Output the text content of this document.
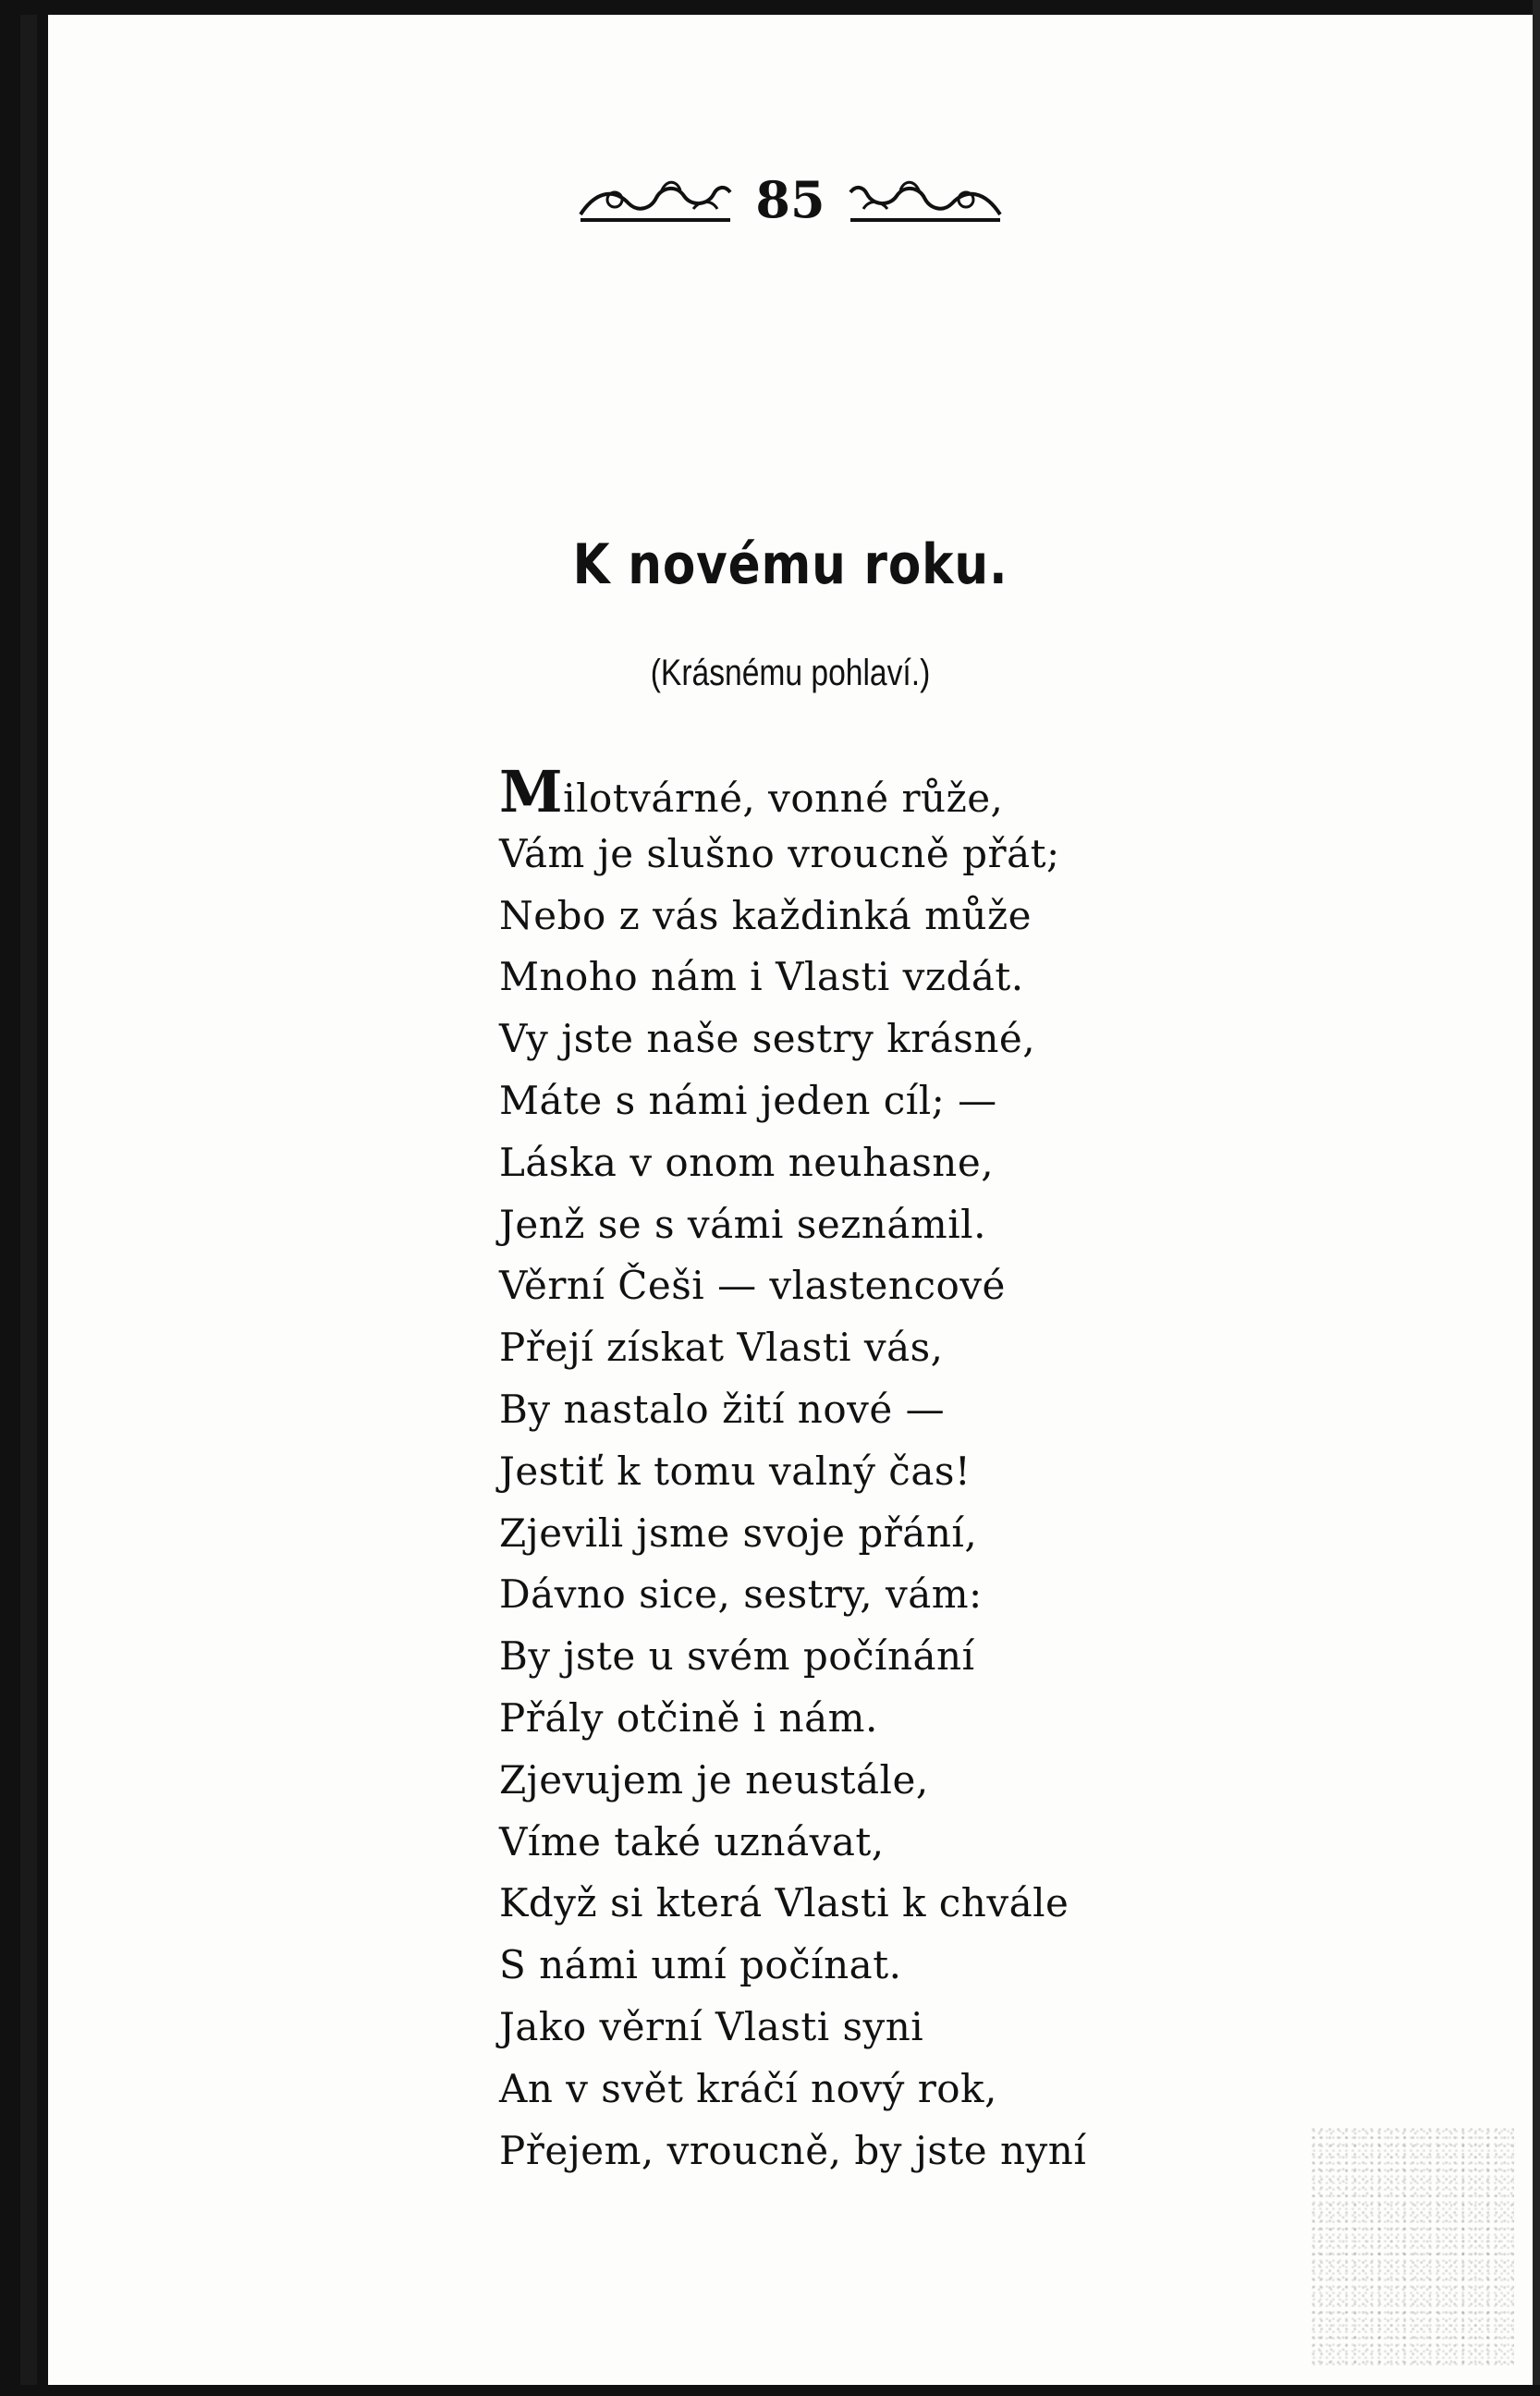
85
K novému roku.
(Krásnému pohlaví.)
Milotvárné, vonné růže,
Vám je slušno vroucně přát;
Nebo z vás každinká může
Mnoho nám i Vlasti vzdát.
Vy jste naše sestry krásné,
Máte s námi jeden cíl; —
Láska v onom neuhasne,
Jenž se s vámi seznámil.
Věrní Češi — vlastencové
Přejí získat Vlasti vás,
By nastalo žití nové —
Jestiť k tomu valný čas!
Zjevili jsme svoje přání,
Dávno sice, sestry, vám:
By jste u svém počínání
Přály otčině i nám.
Zjevujem je neustále,
Víme také uznávat,
Když si která Vlasti k chvále
S námi umí počínat.
Jako věrní Vlasti syni
An v svět kráčí nový rok,
Přejem, vroucně, by jste nyní
